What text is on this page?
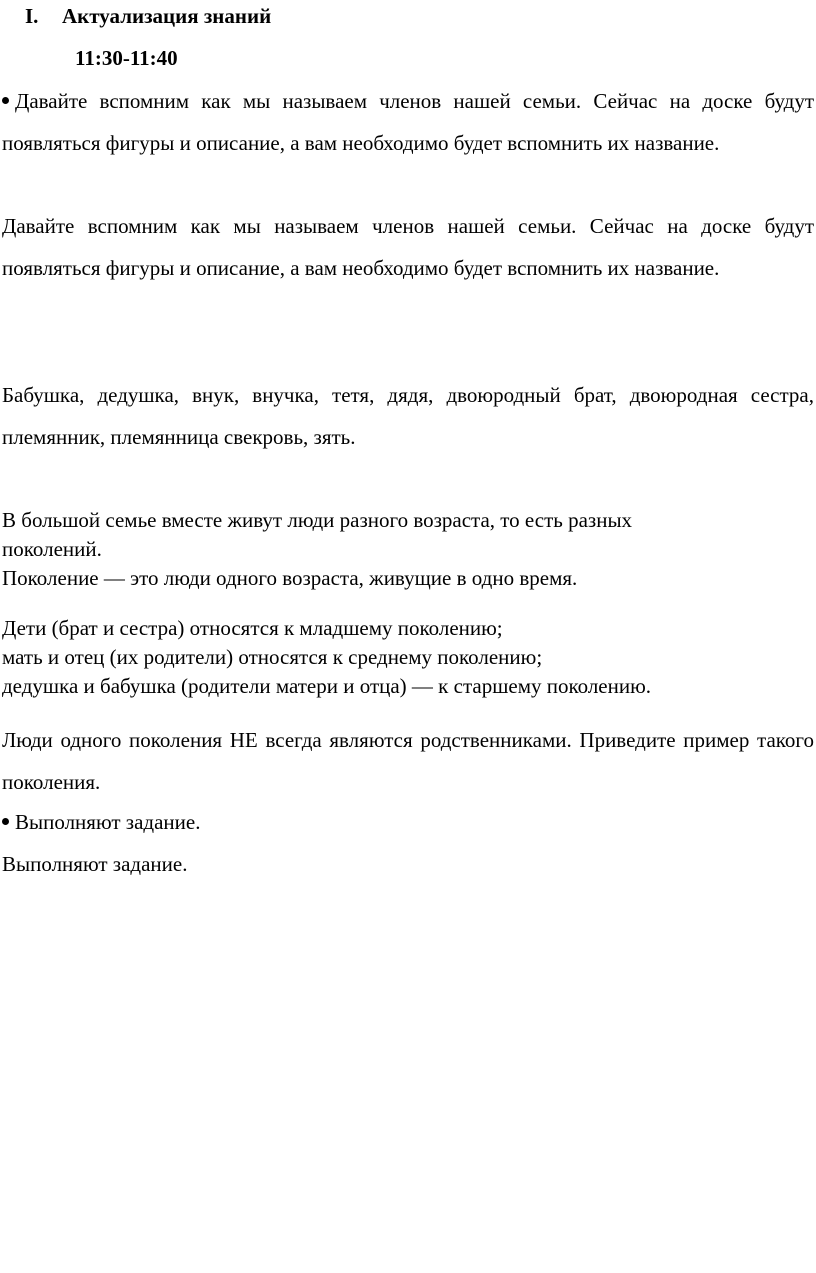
I. Актуализация знаний
11:30-11:40

Давайте вспомним как мы называем членов нашей семьи. Сейчас на доске будут появляться фигуры и описание, а вам необходимо будет вспомнить их название.

Давайте вспомним как мы называем членов нашей семьи. Сейчас на доске будут появляться фигуры и описание, а вам необходимо будет вспомнить их название.

Бабушка, дедушка, внук, внучка, тетя, дядя, двоюродный брат, двоюродная сестра, племянник, племянница свекровь, зять.

В большой семье вместе живут люди разного возраста, то есть разных
поколений.
Поколение — это люди одного возраста, живущие в одно время.
Дети (брат и сестра) относятся к младшему поколению;
мать и отец (их родители) относятся к среднему поколению;
дедушка и бабушка (родители матери и отца) — к старшему поколению.

Люди одного поколения НЕ всегда являются родственниками. Приведите пример такого поколения.

Выполняют задание.

Выполняют задание.
